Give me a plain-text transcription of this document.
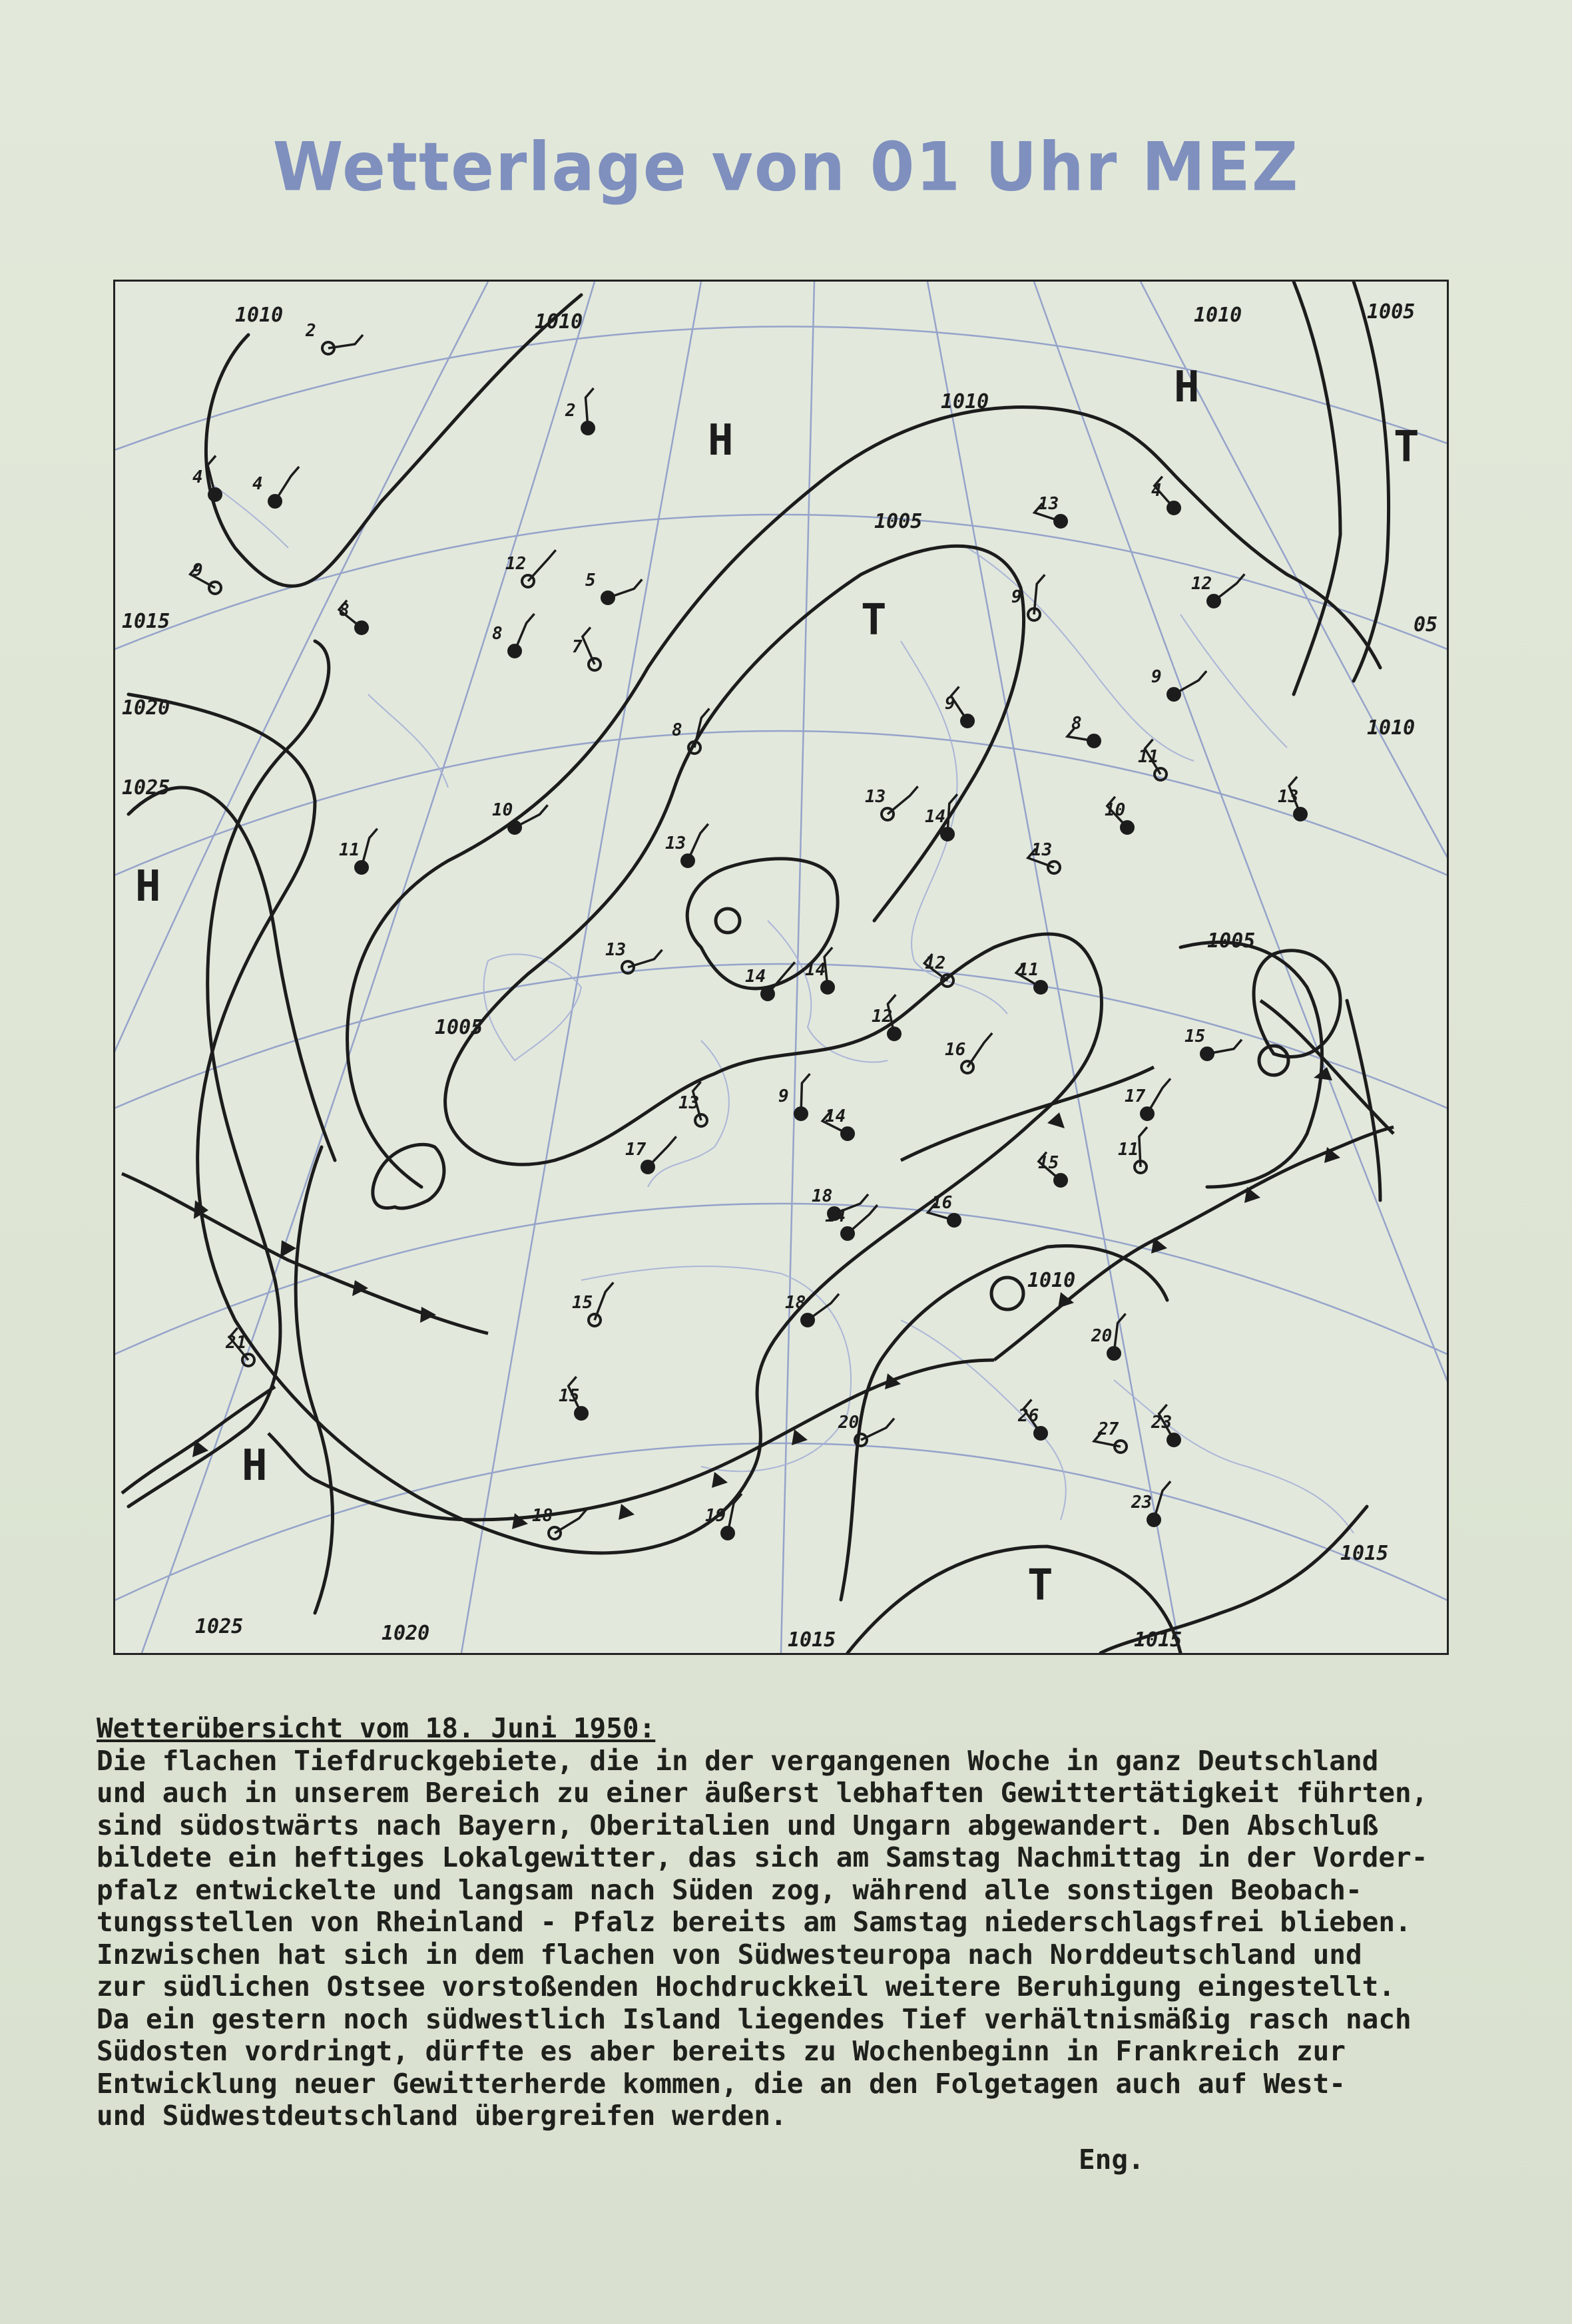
Wetterlage von 01 Uhr MEZ
1010	1010	1010	1005
1010
1005
1015
1020
1025
1005
1005
1010
1015
1025	1020	1015	1015
05
1010
H
H
T
T
H
H
T
2
4
4
9
8
2
12
5
8
7
13
4
9
12
9
8
9
8
11
11
10
13
14	10
13
13
13
13
14 14	12	11
12
16
15
17
13
14
15
11
17
18
15
15
16
21	20
18
18	19
26
27 23
23
20
14
9
Wetterübersicht vom 18. Juni 1950:
Die flachen Tiefdruckgebiete, die in der vergangenen Woche in ganz Deutschland
und auch in unserem Bereich zu einer äußerst lebhaften Gewittertätigkeit führten,
sind südostwärts nach Bayern, Oberitalien und Ungarn abgewandert. Den Abschluß
bildete ein heftiges Lokalgewitter, das sich am Samstag Nachmittag in der Vorder-
pfalz entwickelte und langsam nach Süden zog, während alle sonstigen Beobach-
tungsstellen von Rheinland - Pfalz bereits am Samstag niederschlagsfrei blieben.
Inzwischen hat sich in dem flachen von Südwesteuropa nach Norddeutschland und
zur südlichen Ostsee vorstoßenden Hochdruckkeil weitere Beruhigung eingestellt.
Da ein gestern noch südwestlich Island liegendes Tief verhältnismäßig rasch nach
Südosten vordringt, dürfte es aber bereits zu Wochenbeginn in Frankreich zur
Entwicklung neuer Gewitterherde kommen, die an den Folgetagen auch auf West-
und Südwestdeutschland übergreifen werden.
Eng.
